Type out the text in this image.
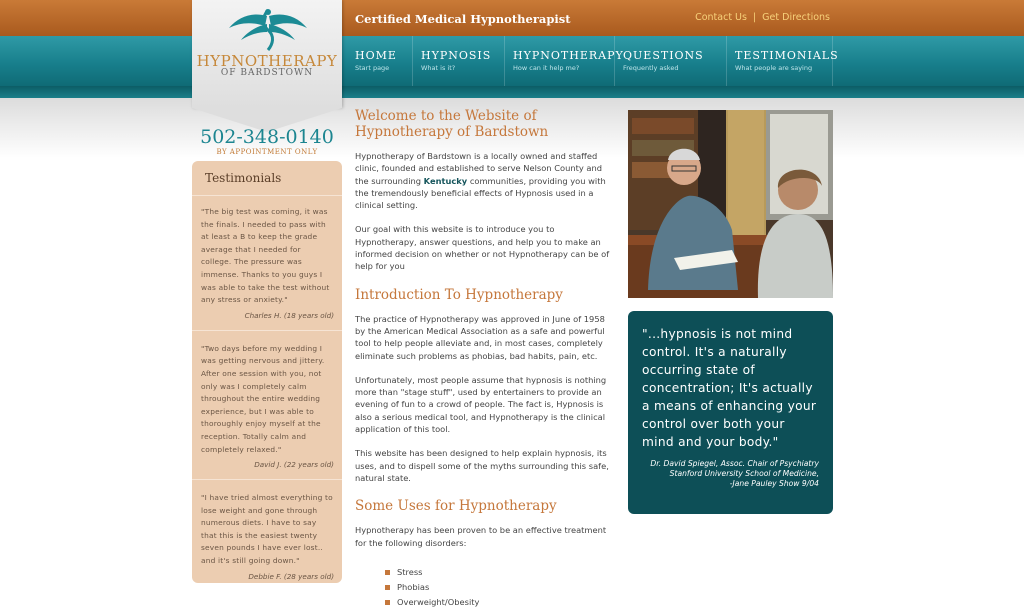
Certified Medical Hypnotherapist	Contact Us | Get Directions
HYPNOTHERAPY
OF BARDSTOWN
502-348-0140
BY APPOINTMENT ONLY
HOME
Start page
HYPNOSIS
What is it?
HYPNOTHERAPY
How can it help me?
QUESTIONS
Frequently asked
TESTIMONIALS
What people are saying
Testimonials
"The big test was coming, it was the finals. I needed to pass with at least a B to keep the grade average that I needed for college. The pressure was immense. Thanks to you guys I was able to take the test without any stress or anxiety."
Charles H. (18 years old)
"Two days before my wedding I was getting nervous and jittery. After one session with you, not only was I completely calm throughout the entire wedding experience, but I was able to thoroughly enjoy myself at the reception. Totally calm and completely relaxed."
David J. (22 years old)
"I have tried almost everything to lose weight and gone through numerous diets. I have to say that this is the easiest twenty seven pounds I have ever lost.. and it's still going down."
Debbie F. (28 years old)
Welcome to the Website of Hypnotherapy of Bardstown
Hypnotherapy of Bardstown is a locally owned and staffed clinic, founded and established to serve Nelson County and the surrounding Kentucky communities, providing you with the tremendously beneficial effects of Hypnosis used in a clinical setting.
Our goal with this website is to introduce you to Hypnotherapy, answer questions, and help you to make an informed decision on whether or not Hypnotherapy can be of help for you
Introduction To Hypnotherapy
The practice of Hypnotherapy was approved in June of 1958 by the American Medical Association as a safe and powerful tool to help people alleviate and, in most cases, completely eliminate such problems as phobias, bad habits, pain, etc.
Unfortunately, most people assume that hypnosis is nothing more than "stage stuff", used by entertainers to provide an evening of fun to a crowd of people. The fact is, Hypnosis is also a serious medical tool, and Hypnotherapy is the clinical application of this tool.
This website has been designed to help explain hypnosis, its uses, and to dispell some of the myths surrounding this safe, natural state.
Some Uses for Hypnotherapy
Hypnotherapy has been proven to be an effective treatment for the following disorders:
Stress
Phobias
Overweight/Obesity
"...hypnosis is not mind control. It's a naturally occurring state of concentration; It's actually a means of enhancing your control over both your mind and your body."
Dr. David Spiegel, Assoc. Chair of Psychiatry
Stanford University School of Medicine,
-Jane Pauley Show 9/04
